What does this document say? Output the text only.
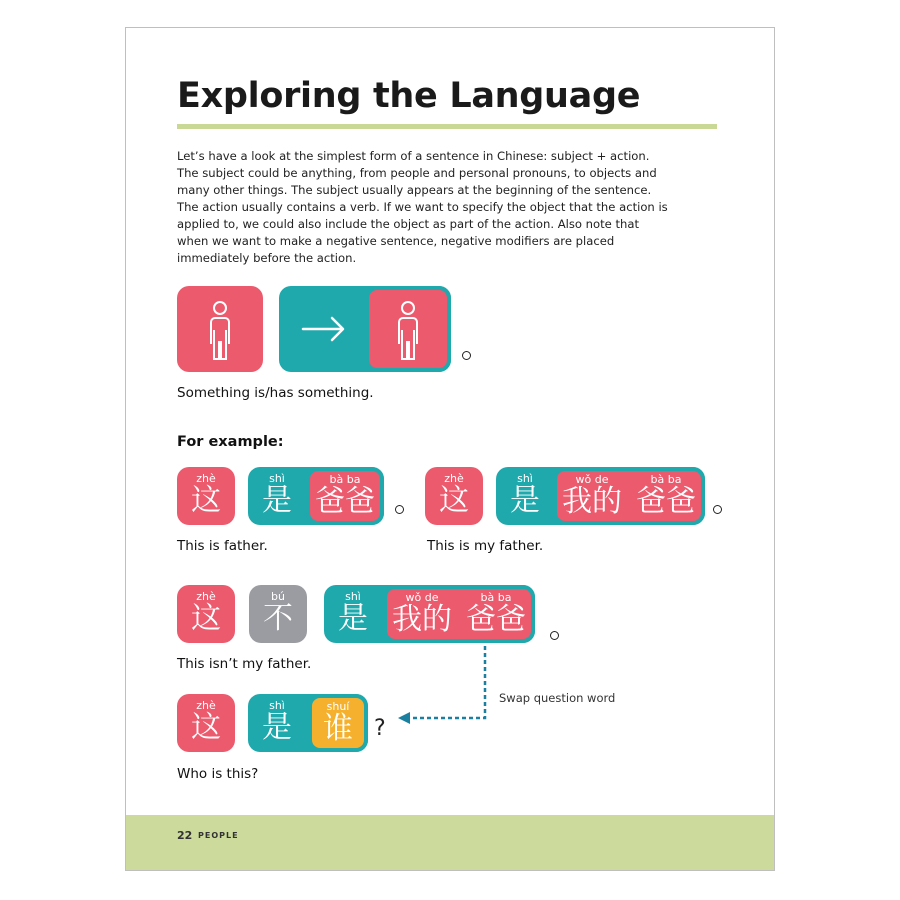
Exploring the Language

Let’s have a look at the simplest form of a sentence in Chinese: subject + action. The subject could be anything, from people and personal pronouns, to objects and many other things. The subject usually appears at the beginning of the sentence. The action usually contains a verb. If we want to specify the object that the action is applied to, we could also include the object as part of the action. Also note that when we want to make a negative sentence, negative modifiers are placed immediately before the action.

Something is/has something.
For example:
zhè
这
shì
是
bà ba
爸爸
This is father.
zhè
这
shì
是
wǒ de
我的
bà ba
爸爸
This is my father.
zhè
这
bú
不
shì
是
wǒ de
我的
bà ba
爸爸
This isn’t my father.
Swap question word
zhè
这
shì
是
shuí
谁 ?
Who is this?
22 PEOPLE
